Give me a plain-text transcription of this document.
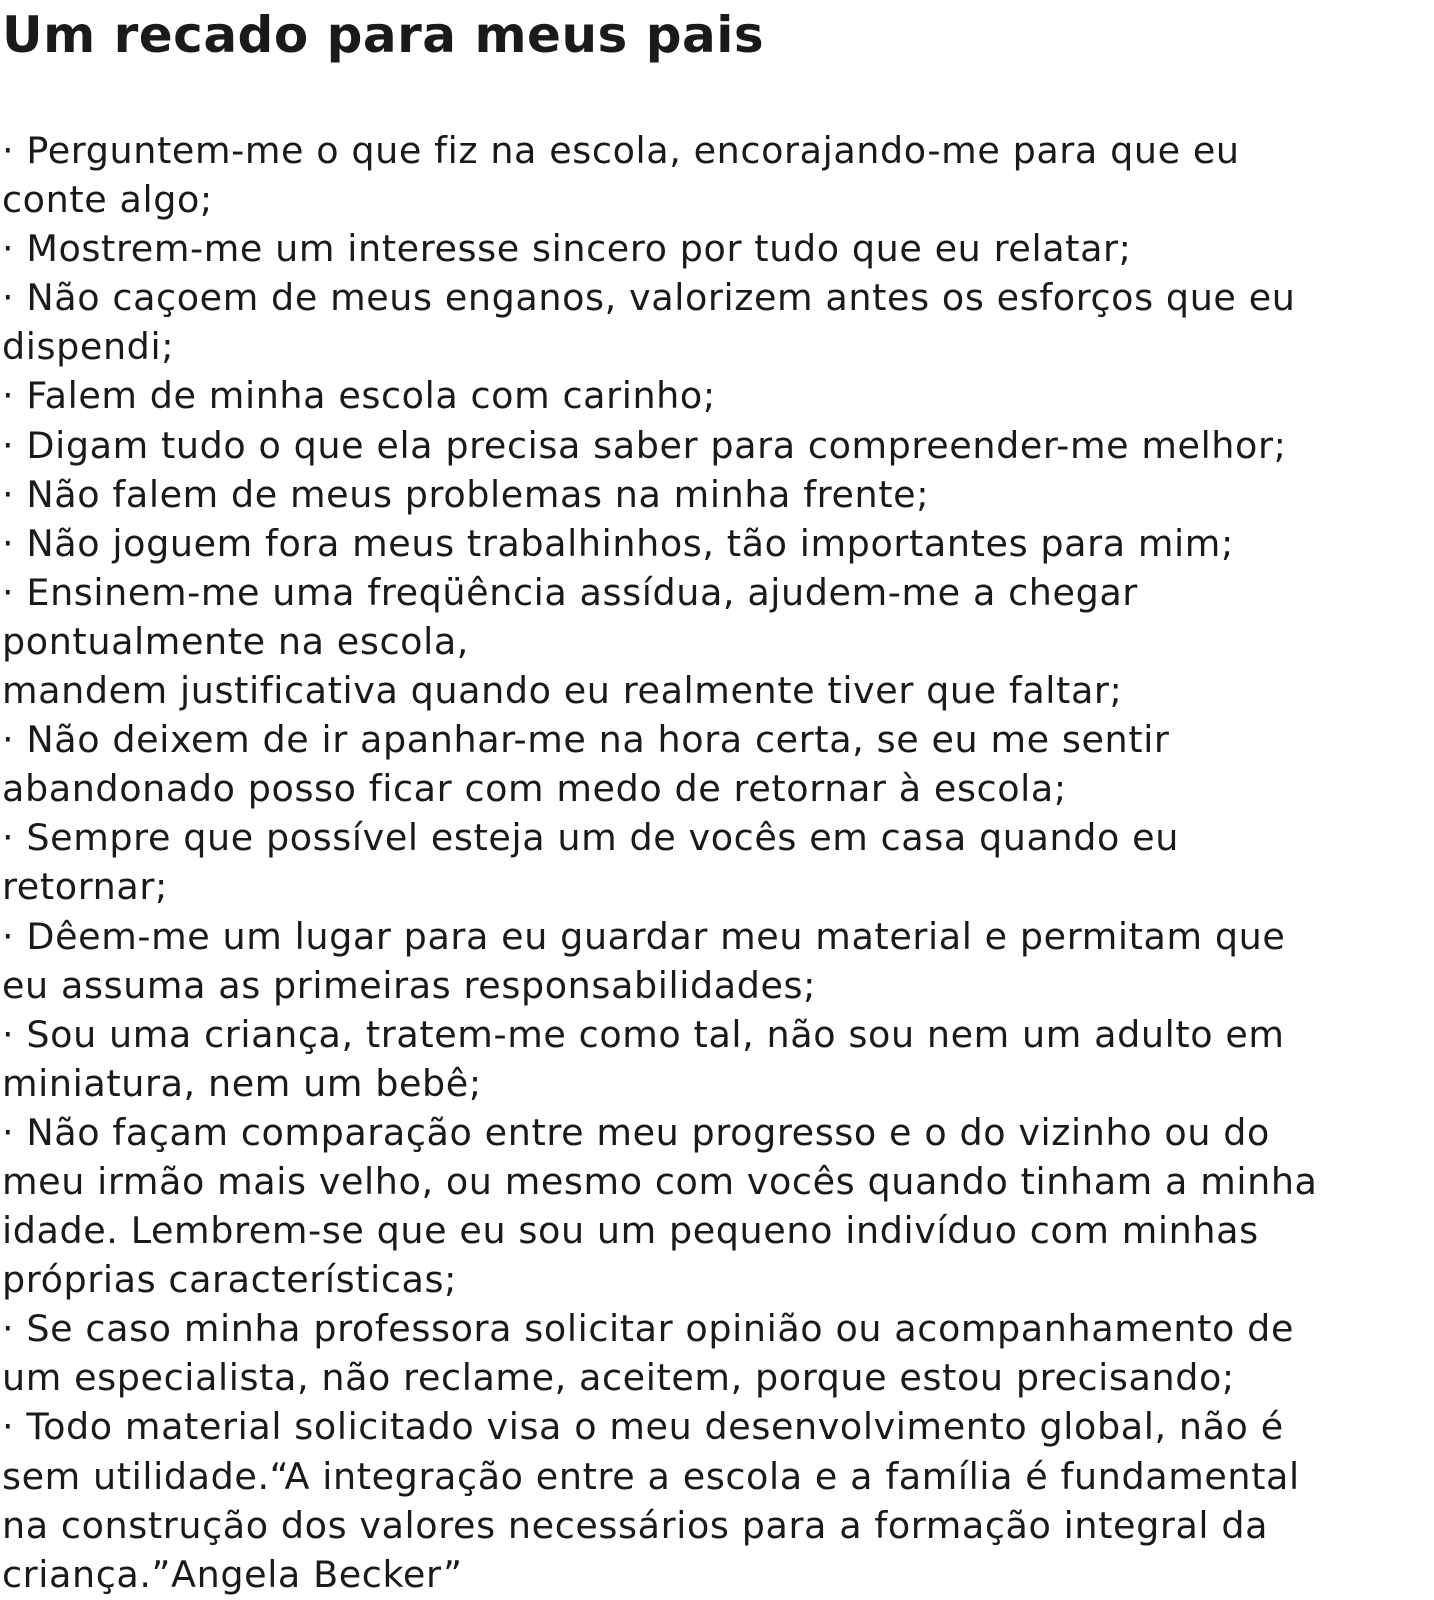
Um recado para meus pais
· Perguntem-me o que fiz na escola, encorajando-me para que eu
conte algo;
· Mostrem-me um interesse sincero por tudo que eu relatar;
· Não caçoem de meus enganos, valorizem antes os esforços que eu
dispendi;
· Falem de minha escola com carinho;
· Digam tudo o que ela precisa saber para compreender-me melhor;
· Não falem de meus problemas na minha frente;
· Não joguem fora meus trabalhinhos, tão importantes para mim;
· Ensinem-me uma freqüência assídua, ajudem-me a chegar
pontualmente na escola,
mandem justificativa quando eu realmente tiver que faltar;
· Não deixem de ir apanhar-me na hora certa, se eu me sentir
abandonado posso ficar com medo de retornar à escola;
· Sempre que possível esteja um de vocês em casa quando eu
retornar;
· Dêem-me um lugar para eu guardar meu material e permitam que
eu assuma as primeiras responsabilidades;
· Sou uma criança, tratem-me como tal, não sou nem um adulto em
miniatura, nem um bebê;
· Não façam comparação entre meu progresso e o do vizinho ou do
meu irmão mais velho, ou mesmo com vocês quando tinham a minha
idade. Lembrem-se que eu sou um pequeno indivíduo com minhas
próprias características;
· Se caso minha professora solicitar opinião ou acompanhamento de
um especialista, não reclame, aceitem, porque estou precisando;
· Todo material solicitado visa o meu desenvolvimento global, não é
sem utilidade.“A integração entre a escola e a família é fundamental
na construção dos valores necessários para a formação integral da
criança.”Angela Becker”
